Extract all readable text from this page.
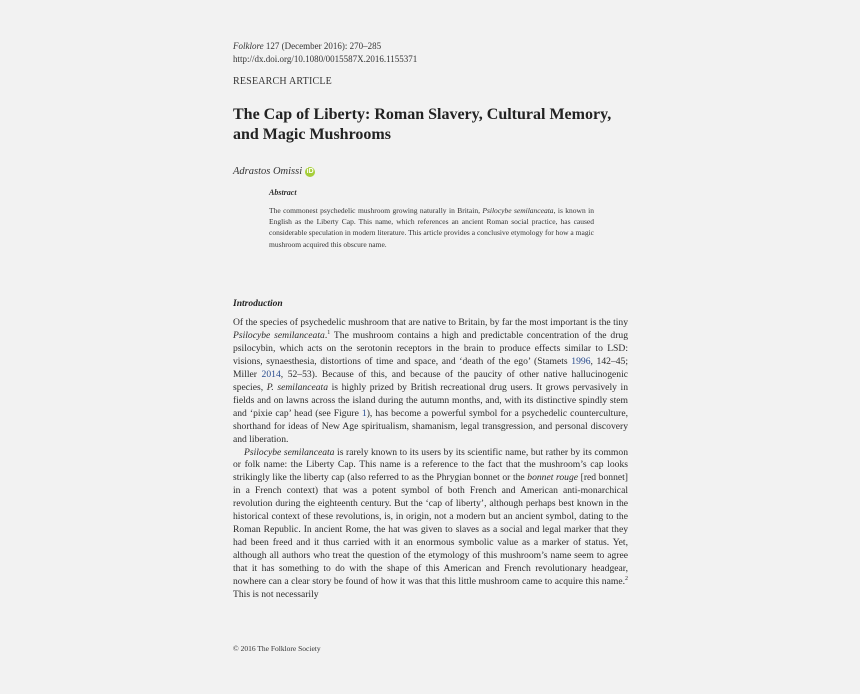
Folklore 127 (December 2016): 270–285
http://dx.doi.org/10.1080/0015587X.2016.1155371
RESEARCH ARTICLE
The Cap of Liberty: Roman Slavery, Cultural Memory, and Magic Mushrooms
Adrastos Omissi iD
Abstract
The commonest psychedelic mushroom growing naturally in Britain, Psilocybe semilanceata, is known in English as the Liberty Cap. This name, which references an ancient Roman social practice, has caused considerable speculation in modern literature. This article provides a conclusive etymology for how a magic mushroom acquired this obscure name.
Introduction

Of the species of psychedelic mushroom that are native to Britain, by far the most important is the tiny Psilocybe semilanceata.$^1$ The mushroom contains a high and predictable concentration of the drug psilocybin, which acts on the serotonin receptors in the brain to produce effects similar to LSD: visions, synaesthesia, distortions of time and space, and ‘death of the ego’ (Stamets 1996, 142–45; Miller 2014, 52–53). Because of this, and because of the paucity of other native hallucinogenic species, P. semilanceata is highly prized by British recreational drug users. It grows pervasively in fields and on lawns across the island during the autumn months, and, with its distinctive spindly stem and ‘pixie cap’ head (see Figure 1), has become a powerful symbol for a psychedelic counterculture, shorthand for ideas of New Age spiritualism, shamanism, legal transgression, and personal discovery and liberation.

Psilocybe semilanceata is rarely known to its users by its scientific name, but rather by its common or folk name: the Liberty Cap. This name is a reference to the fact that the mushroom’s cap looks strikingly like the liberty cap (also referred to as the Phrygian bonnet or the bonnet rouge [red bonnet] in a French context) that was a potent symbol of both French and American anti-monarchical revolution during the eighteenth century. But the ‘cap of liberty’, although perhaps best known in the historical context of these revolutions, is, in origin, not a modern but an ancient symbol, dating to the Roman Republic. In ancient Rome, the hat was given to slaves as a social and legal marker that they had been freed and it thus carried with it an enormous symbolic value as a marker of status. Yet, although all authors who treat the question of the etymology of this mushroom’s name seem to agree that it has something to do with the shape of this American and French revolutionary headgear, nowhere can a clear story be found of how it was that this little mushroom came to acquire this name.$^2$ This is not necessarily

© 2016 The Folklore Society
